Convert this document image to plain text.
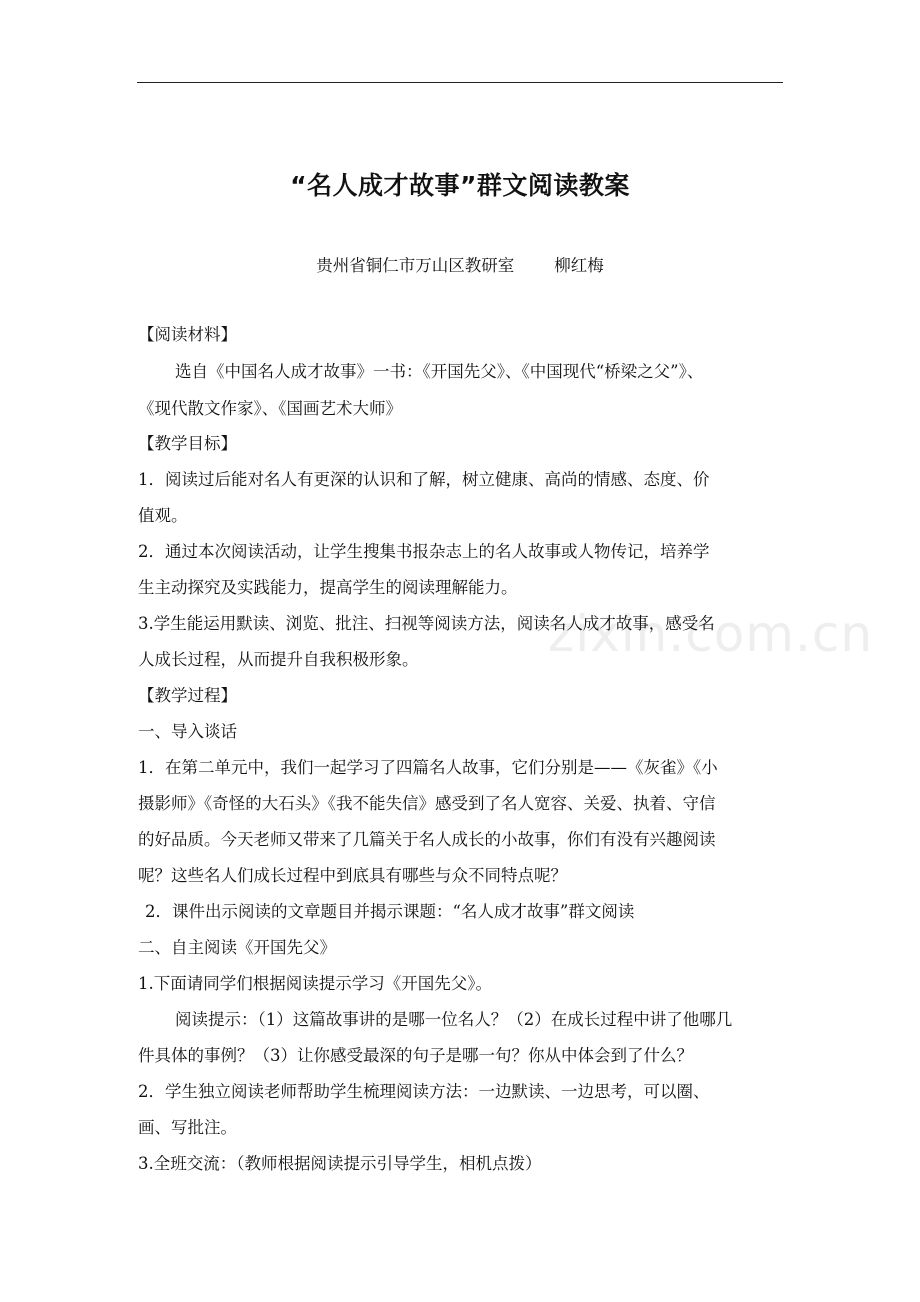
zixin.com.cn
“名人成才故事”群文阅读教案
贵州省铜仁市万山区教研室 柳红梅
【阅读材料】
选自《中国名人成才故事》一书：《开国先父》、《中国现代“桥梁之父”》、
《现代散文作家》、《国画艺术大师》
【教学目标】
1．阅读过后能对名人有更深的认识和了解，树立健康、高尚的情感、态度、价
值观。
2．通过本次阅读活动，让学生搜集书报杂志上的名人故事或人物传记，培养学
生主动探究及实践能力，提高学生的阅读理解能力。
3.学生能运用默读、浏览、批注、扫视等阅读方法，阅读名人成才故事，感受名
人成长过程，从而提升自我积极形象。
【教学过程】
一、导入谈话
1．在第二单元中，我们一起学习了四篇名人故事，它们分别是——《灰雀》《小
摄影师》《奇怪的大石头》《我不能失信》感受到了名人宽容、关爱、执着、守信
的好品质。今天老师又带来了几篇关于名人成长的小故事，你们有没有兴趣阅读
呢？这些名人们成长过程中到底具有哪些与众不同特点呢？
2．课件出示阅读的文章题目并揭示课题：“名人成才故事”群文阅读
二、自主阅读《开国先父》
1.下面请同学们根据阅读提示学习《开国先父》。
阅读提示：（1）这篇故事讲的是哪一位名人？（2）在成长过程中讲了他哪几
件具体的事例？（3）让你感受最深的句子是哪一句？你从中体会到了什么？
2．学生独立阅读老师帮助学生梳理阅读方法：一边默读、一边思考，可以圈、
画、写批注。
3.全班交流：（教师根据阅读提示引导学生，相机点拨）
